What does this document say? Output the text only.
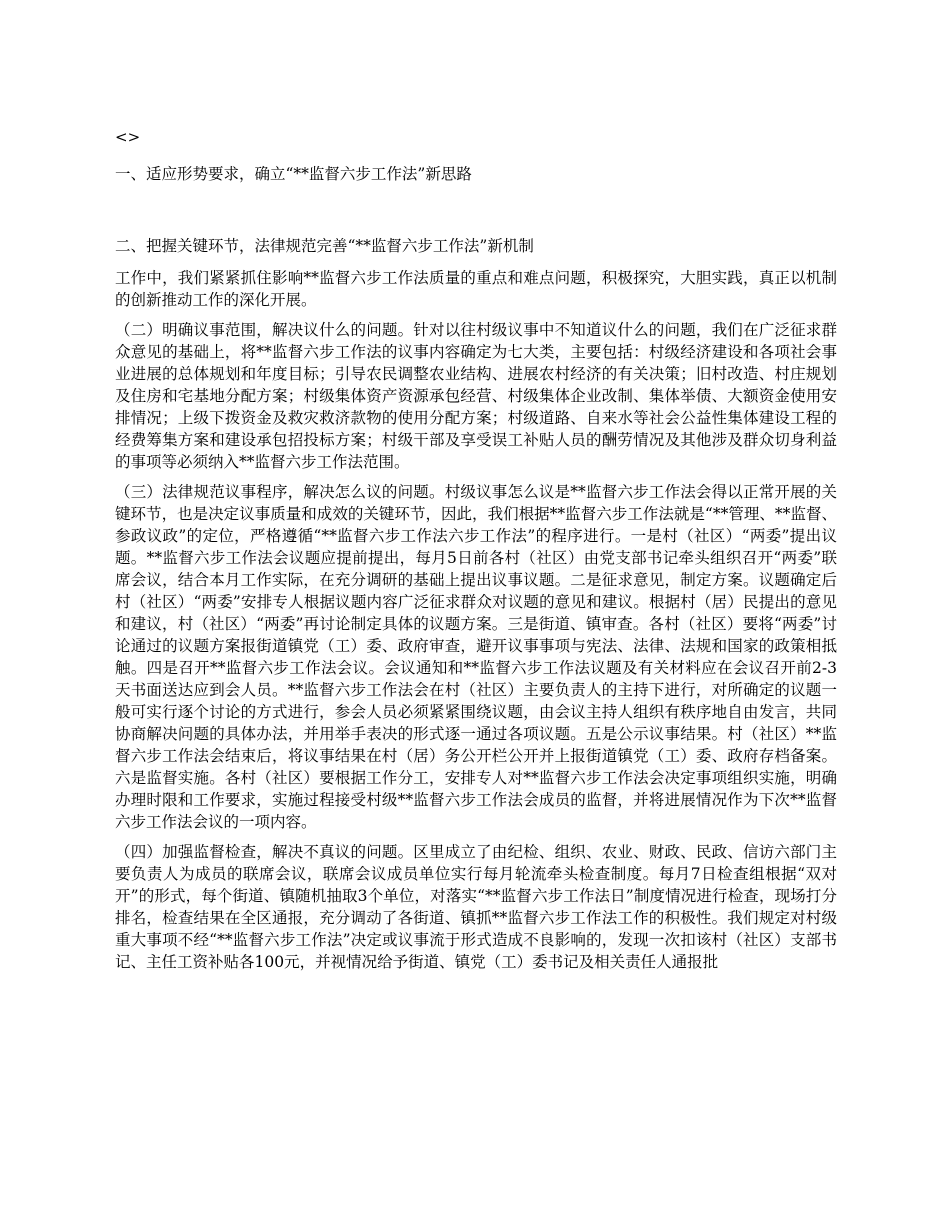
<>
一、适应形势要求，确立“**监督六步工作法”新思路
二、把握关键环节，法律规范完善“**监督六步工作法”新机制

工作中，我们紧紧抓住影响**监督六步工作法质量的重点和难点问题，积极探究，大胆实践，真正以机制的创新推动工作的深化开展。

（二）明确议事范围，解决议什么的问题。针对以往村级议事中不知道议什么的问题，我们在广泛征求群众意见的基础上，将**监督六步工作法的议事内容确定为七大类，主要包括：村级经济建设和各项社会事业进展的总体规划和年度目标；引导农民调整农业结构、进展农村经济的有关决策；旧村改造、村庄规划及住房和宅基地分配方案；村级集体资产资源承包经营、村级集体企业改制、集体举债、大额资金使用安排情况；上级下拨资金及救灾救济款物的使用分配方案；村级道路、自来水等社会公益性集体建设工程的经费筹集方案和建设承包招投标方案；村级干部及享受误工补贴人员的酬劳情况及其他涉及群众切身利益的事项等必须纳入**监督六步工作法范围。

（三）法律规范议事程序，解决怎么议的问题。村级议事怎么议是**监督六步工作法会得以正常开展的关键环节，也是决定议事质量和成效的关键环节，因此，我们根据**监督六步工作法就是“**管理、**监督、参政议政”的定位，严格遵循“**监督六步工作法六步工作法”的程序进行。一是村（社区）“两委”提出议题。**监督六步工作法会议题应提前提出，每月5日前各村（社区）由党支部书记牵头组织召开“两委”联席会议，结合本月工作实际，在充分调研的基础上提出议事议题。二是征求意见，制定方案。议题确定后村（社区）“两委”安排专人根据议题内容广泛征求群众对议题的意见和建议。根据村（居）民提出的意见和建议，村（社区）“两委”再讨论制定具体的议题方案。三是街道、镇审查。各村（社区）要将“两委”讨论通过的议题方案报街道镇党（工）委、政府审查，避开议事事项与宪法、法律、法规和国家的政策相抵触。四是召开**监督六步工作法会议。会议通知和**监督六步工作法议题及有关材料应在会议召开前2-3天书面送达应到会人员。**监督六步工作法会在村（社区）主要负责人的主持下进行，对所确定的议题一般可实行逐个讨论的方式进行，参会人员必须紧紧围绕议题，由会议主持人组织有秩序地自由发言，共同协商解决问题的具体办法，并用举手表决的形式逐一通过各项议题。五是公示议事结果。村（社区）**监督六步工作法会结束后，将议事结果在村（居）务公开栏公开并上报街道镇党（工）委、政府存档备案。六是监督实施。各村（社区）要根据工作分工，安排专人对**监督六步工作法会决定事项组织实施，明确办理时限和工作要求，实施过程接受村级**监督六步工作法会成员的监督，并将进展情况作为下次**监督六步工作法会议的一项内容。

（四）加强监督检查，解决不真议的问题。区里成立了由纪检、组织、农业、财政、民政、信访六部门主要负责人为成员的联席会议，联席会议成员单位实行每月轮流牵头检查制度。每月7日检查组根据“双对开”的形式，每个街道、镇随机抽取3个单位，对落实“**监督六步工作法日”制度情况进行检查，现场打分排名，检查结果在全区通报，充分调动了各街道、镇抓**监督六步工作法工作的积极性。我们规定对村级重大事项不经“**监督六步工作法”决定或议事流于形式造成不良影响的，发现一次扣该村（社区）支部书记、主任工资补贴各100元，并视情况给予街道、镇党（工）委书记及相关责任人通报批
